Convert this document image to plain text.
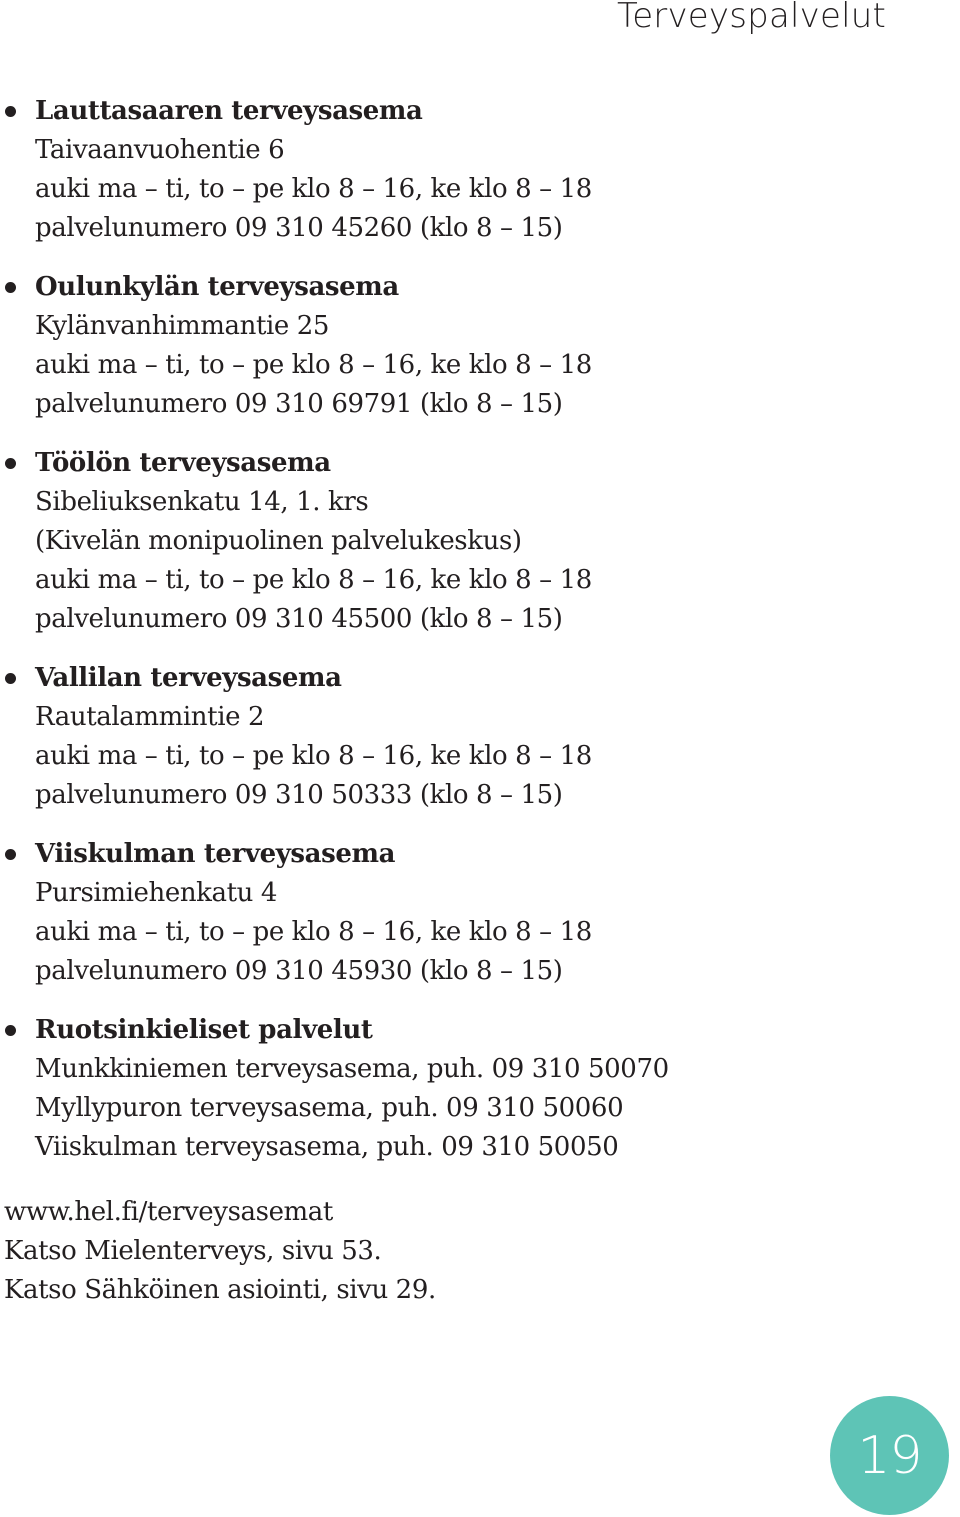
Terveyspalvelut
Lauttasaaren terveysasema
Taivaanvuohentie 6
auki ma – ti, to – pe klo 8 – 16, ke klo 8 – 18
palvelunumero 09 310 45260 (klo 8 – 15)
Oulunkylän terveysasema
Kylänvanhimmantie 25
auki ma – ti, to – pe klo 8 – 16, ke klo 8 – 18
palvelunumero 09 310 69791 (klo 8 – 15)
Töölön terveysasema
Sibeliuksenkatu 14, 1. krs
(Kivelän monipuolinen palvelukeskus)
auki ma – ti, to – pe klo 8 – 16, ke klo 8 – 18
palvelunumero 09 310 45500 (klo 8 – 15)
Vallilan terveysasema
Rautalammintie 2
auki ma – ti, to – pe klo 8 – 16, ke klo 8 – 18
palvelunumero 09 310 50333 (klo 8 – 15)
Viiskulman terveysasema
Pursimiehenkatu 4
auki ma – ti, to – pe klo 8 – 16, ke klo 8 – 18
palvelunumero 09 310 45930 (klo 8 – 15)
Ruotsinkieliset palvelut
Munkkiniemen terveysasema, puh. 09 310 50070
Myllypuron terveysasema, puh. 09 310 50060
Viiskulman terveysasema, puh. 09 310 50050
www.hel.fi/terveysasemat
Katso Mielenterveys, sivu 53.
Katso Sähköinen asiointi, sivu 29.
19
